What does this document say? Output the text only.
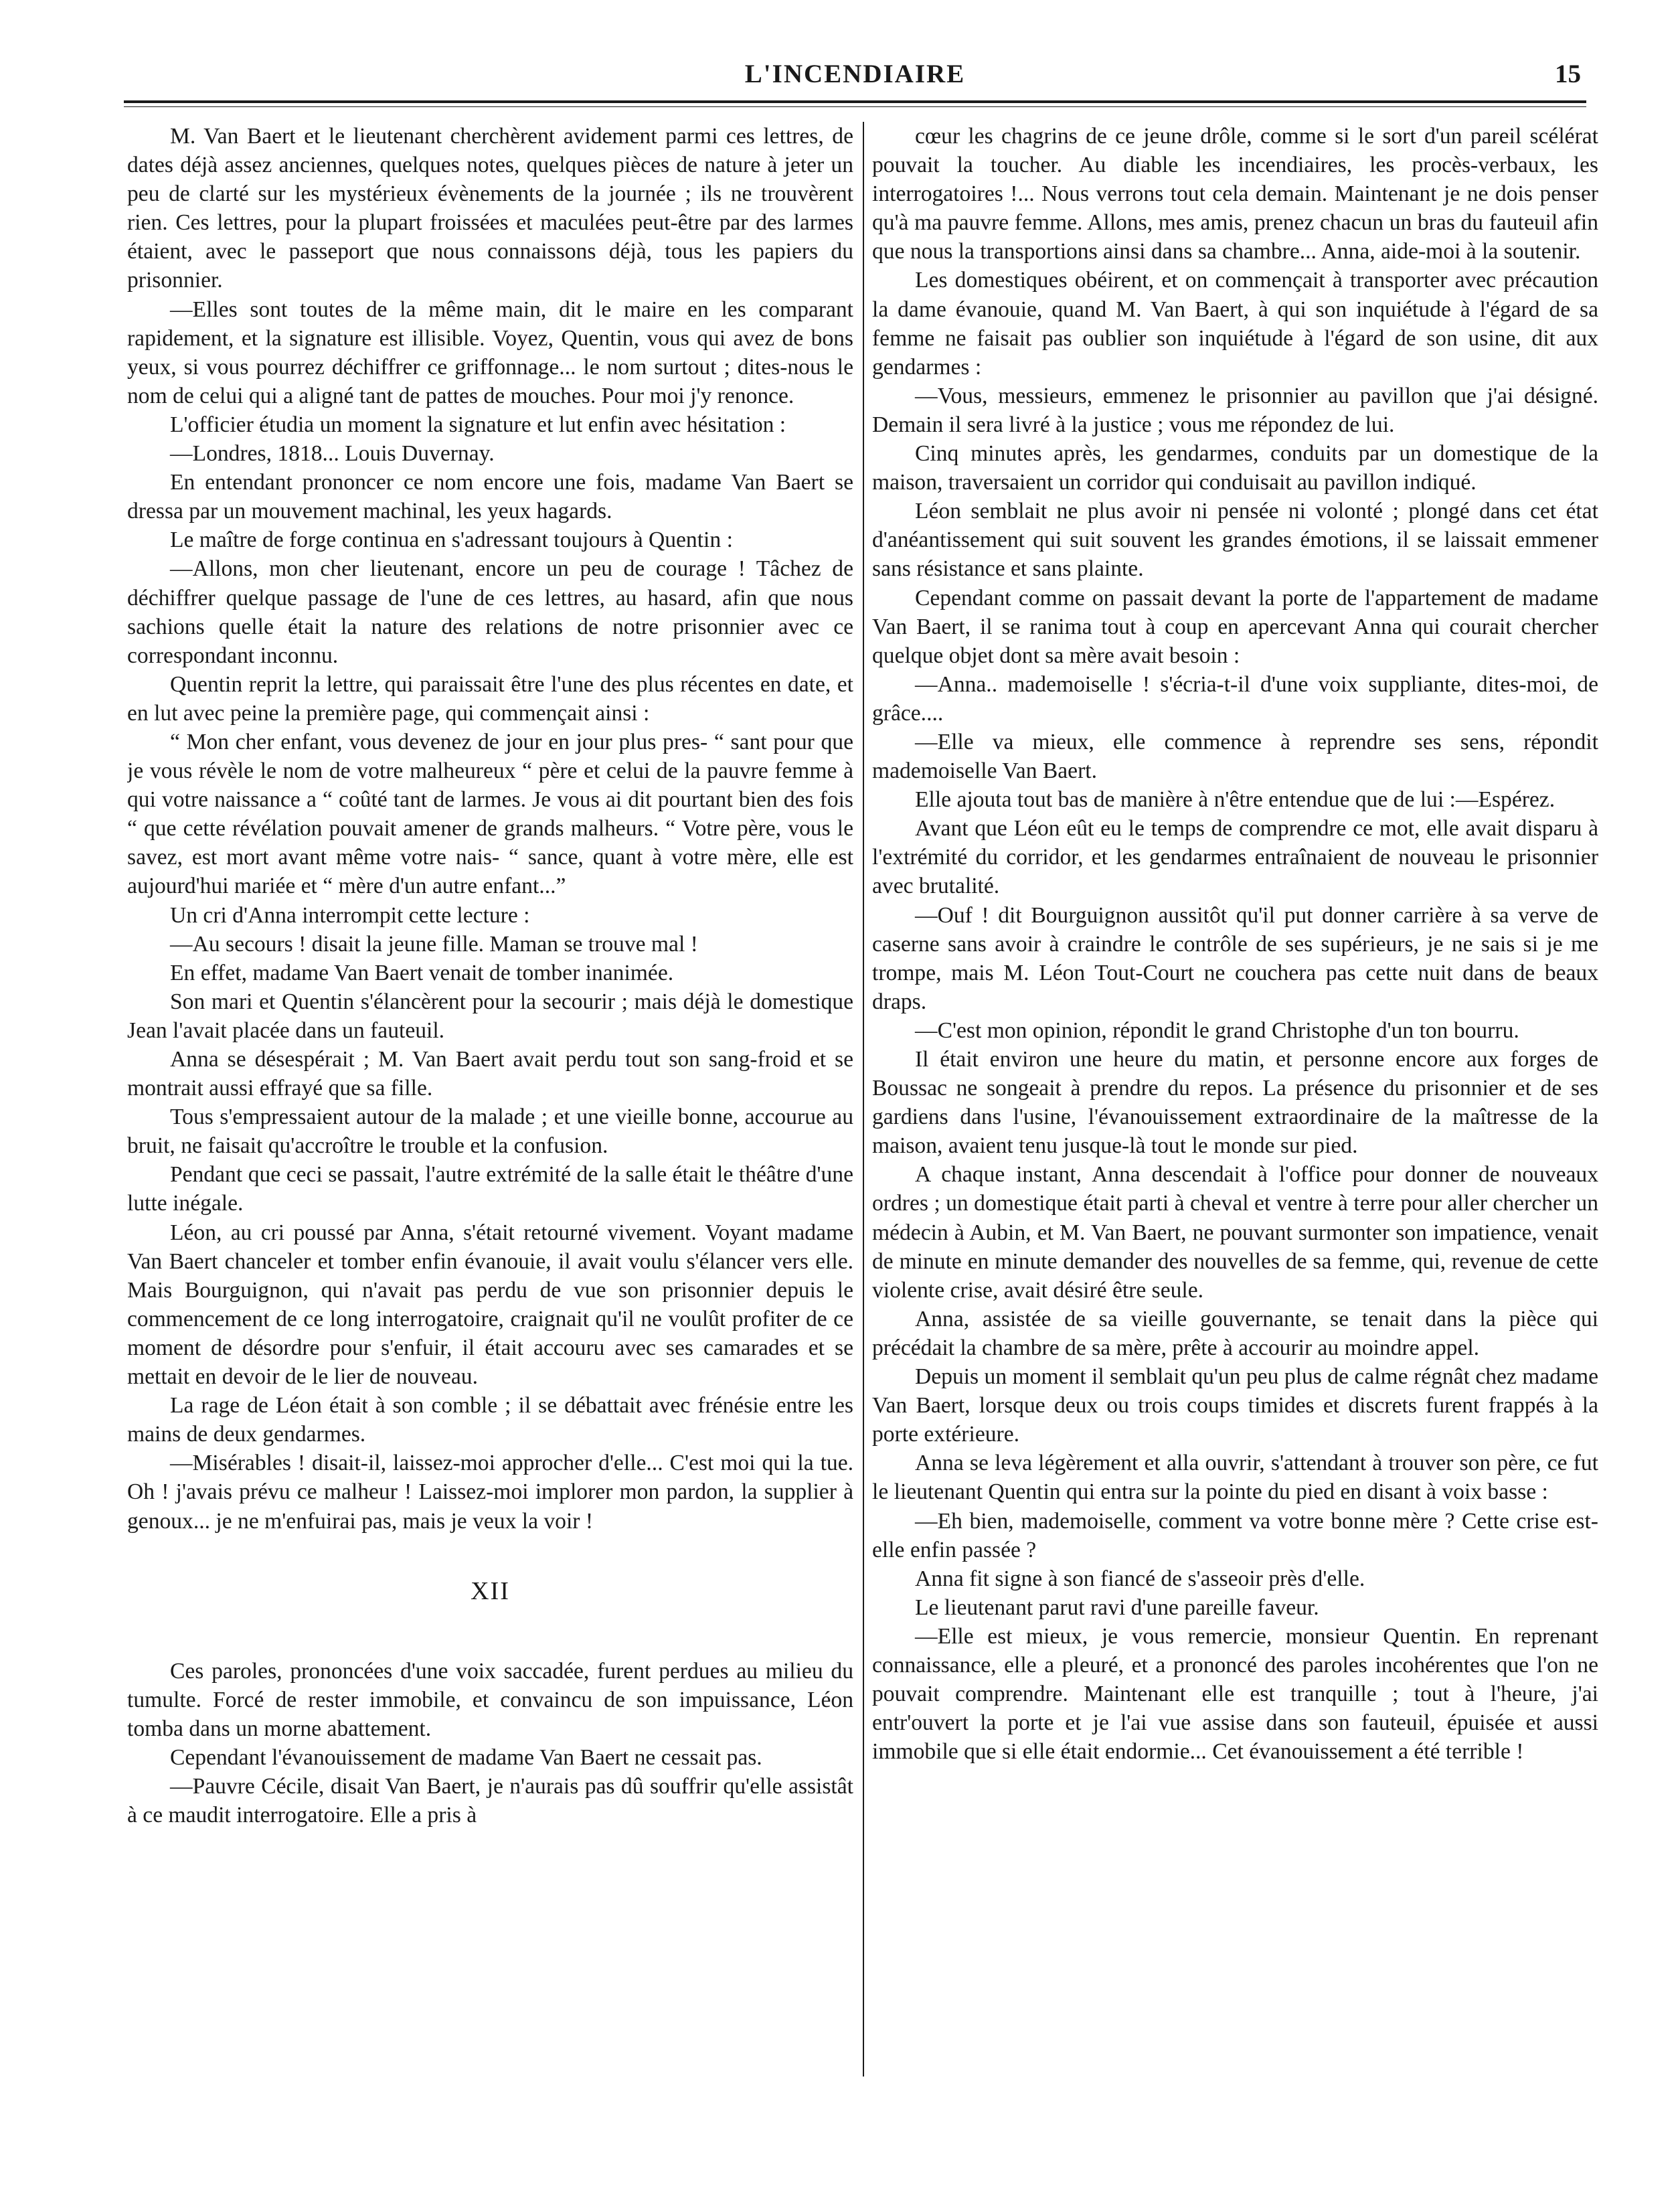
L'INCENDIAIRE	15

M. Van Baert et le lieutenant cherchèrent avidement parmi ces lettres, de dates déjà assez anciennes, quelques notes, quelques pièces de nature à jeter un peu de clarté sur les mystérieux évènements de la journée ; ils ne trouvèrent rien. Ces lettres, pour la plupart froissées et maculées peut-être par des larmes étaient, avec le passeport que nous connaissons déjà, tous les papiers du prisonnier.

—Elles sont toutes de la même main, dit le maire en les comparant rapidement, et la signature est illisible. Voyez, Quentin, vous qui avez de bons yeux, si vous pourrez déchiffrer ce griffonnage... le nom surtout ; dites-nous le nom de celui qui a aligné tant de pattes de mouches. Pour moi j'y renonce.

L'officier étudia un moment la signature et lut enfin avec hésitation :

—Londres, 1818... Louis Duvernay.

En entendant prononcer ce nom encore une fois, madame Van Baert se dressa par un mouvement machinal, les yeux hagards.

Le maître de forge continua en s'adressant toujours à Quentin :

—Allons, mon cher lieutenant, encore un peu de courage ! Tâchez de déchiffrer quelque passage de l'une de ces lettres, au hasard, afin que nous sachions quelle était la nature des relations de notre prisonnier avec ce correspondant inconnu.

Quentin reprit la lettre, qui paraissait être l'une des plus récentes en date, et en lut avec peine la première page, qui commençait ainsi :

“ Mon cher enfant, vous devenez de jour en jour plus pres- “ sant pour que je vous révèle le nom de votre malheureux “ père et celui de la pauvre femme à qui votre naissance a “ coûté tant de larmes. Je vous ai dit pourtant bien des fois “ que cette révélation pouvait amener de grands malheurs. “ Votre père, vous le savez, est mort avant même votre nais- “ sance, quant à votre mère, elle est aujourd'hui mariée et “ mère d'un autre enfant...”

Un cri d'Anna interrompit cette lecture :

—Au secours ! disait la jeune fille. Maman se trouve mal !

En effet, madame Van Baert venait de tomber inanimée.

Son mari et Quentin s'élancèrent pour la secourir ; mais déjà le domestique Jean l'avait placée dans un fauteuil.

Anna se désespérait ; M. Van Baert avait perdu tout son sang-froid et se montrait aussi effrayé que sa fille.

Tous s'empressaient autour de la malade ; et une vieille bonne, accourue au bruit, ne faisait qu'accroître le trouble et la confusion.

Pendant que ceci se passait, l'autre extrémité de la salle était le théâtre d'une lutte inégale.

Léon, au cri poussé par Anna, s'était retourné vivement. Voyant madame Van Baert chanceler et tomber enfin évanouie, il avait voulu s'élancer vers elle. Mais Bourguignon, qui n'avait pas perdu de vue son prisonnier depuis le commencement de ce long interrogatoire, craignait qu'il ne voulût profiter de ce moment de désordre pour s'enfuir, il était accouru avec ses camarades et se mettait en devoir de le lier de nouveau.

La rage de Léon était à son comble ; il se débattait avec frénésie entre les mains de deux gendarmes.

—Misérables ! disait-il, laissez-moi approcher d'elle... C'est moi qui la tue. Oh ! j'avais prévu ce malheur ! Laissez-moi implorer mon pardon, la supplier à genoux... je ne m'enfuirai pas, mais je veux la voir !

XII

Ces paroles, prononcées d'une voix saccadée, furent perdues au milieu du tumulte. Forcé de rester immobile, et convaincu de son impuissance, Léon tomba dans un morne abattement.

Cependant l'évanouissement de madame Van Baert ne cessait pas.

—Pauvre Cécile, disait Van Baert, je n'aurais pas dû souffrir qu'elle assistât à ce maudit interrogatoire. Elle a pris à

cœur les chagrins de ce jeune drôle, comme si le sort d'un pareil scélérat pouvait la toucher. Au diable les incendiaires, les procès-verbaux, les interrogatoires !... Nous verrons tout cela demain. Maintenant je ne dois penser qu'à ma pauvre femme. Allons, mes amis, prenez chacun un bras du fauteuil afin que nous la transportions ainsi dans sa chambre... Anna, aide-moi à la soutenir.

Les domestiques obéirent, et on commençait à transporter avec précaution la dame évanouie, quand M. Van Baert, à qui son inquiétude à l'égard de sa femme ne faisait pas oublier son inquiétude à l'égard de son usine, dit aux gendarmes :

—Vous, messieurs, emmenez le prisonnier au pavillon que j'ai désigné. Demain il sera livré à la justice ; vous me répondez de lui.

Cinq minutes après, les gendarmes, conduits par un domestique de la maison, traversaient un corridor qui conduisait au pavillon indiqué.

Léon semblait ne plus avoir ni pensée ni volonté ; plongé dans cet état d'anéantissement qui suit souvent les grandes émotions, il se laissait emmener sans résistance et sans plainte.

Cependant comme on passait devant la porte de l'appartement de madame Van Baert, il se ranima tout à coup en apercevant Anna qui courait chercher quelque objet dont sa mère avait besoin :

—Anna.. mademoiselle ! s'écria-t-il d'une voix suppliante, dites-moi, de grâce....

—Elle va mieux, elle commence à reprendre ses sens, répondit mademoiselle Van Baert.

Elle ajouta tout bas de manière à n'être entendue que de lui :—Espérez.

Avant que Léon eût eu le temps de comprendre ce mot, elle avait disparu à l'extrémité du corridor, et les gendarmes entraînaient de nouveau le prisonnier avec brutalité.

—Ouf ! dit Bourguignon aussitôt qu'il put donner carrière à sa verve de caserne sans avoir à craindre le contrôle de ses supérieurs, je ne sais si je me trompe, mais M. Léon Tout-Court ne couchera pas cette nuit dans de beaux draps.

—C'est mon opinion, répondit le grand Christophe d'un ton bourru.

Il était environ une heure du matin, et personne encore aux forges de Boussac ne songeait à prendre du repos. La présence du prisonnier et de ses gardiens dans l'usine, l'évanouissement extraordinaire de la maîtresse de la maison, avaient tenu jusque-là tout le monde sur pied.

A chaque instant, Anna descendait à l'office pour donner de nouveaux ordres ; un domestique était parti à cheval et ventre à terre pour aller chercher un médecin à Aubin, et M. Van Baert, ne pouvant surmonter son impatience, venait de minute en minute demander des nouvelles de sa femme, qui, revenue de cette violente crise, avait désiré être seule.

Anna, assistée de sa vieille gouvernante, se tenait dans la pièce qui précédait la chambre de sa mère, prête à accourir au moindre appel.

Depuis un moment il semblait qu'un peu plus de calme régnât chez madame Van Baert, lorsque deux ou trois coups timides et discrets furent frappés à la porte extérieure.

Anna se leva légèrement et alla ouvrir, s'attendant à trouver son père, ce fut le lieutenant Quentin qui entra sur la pointe du pied en disant à voix basse :

—Eh bien, mademoiselle, comment va votre bonne mère ? Cette crise est-elle enfin passée ?

Anna fit signe à son fiancé de s'asseoir près d'elle.

Le lieutenant parut ravi d'une pareille faveur.

—Elle est mieux, je vous remercie, monsieur Quentin. En reprenant connaissance, elle a pleuré, et a prononcé des paroles incohérentes que l'on ne pouvait comprendre. Maintenant elle est tranquille ; tout à l'heure, j'ai entr'ouvert la porte et je l'ai vue assise dans son fauteuil, épuisée et aussi immobile que si elle était endormie... Cet évanouissement a été terrible !
